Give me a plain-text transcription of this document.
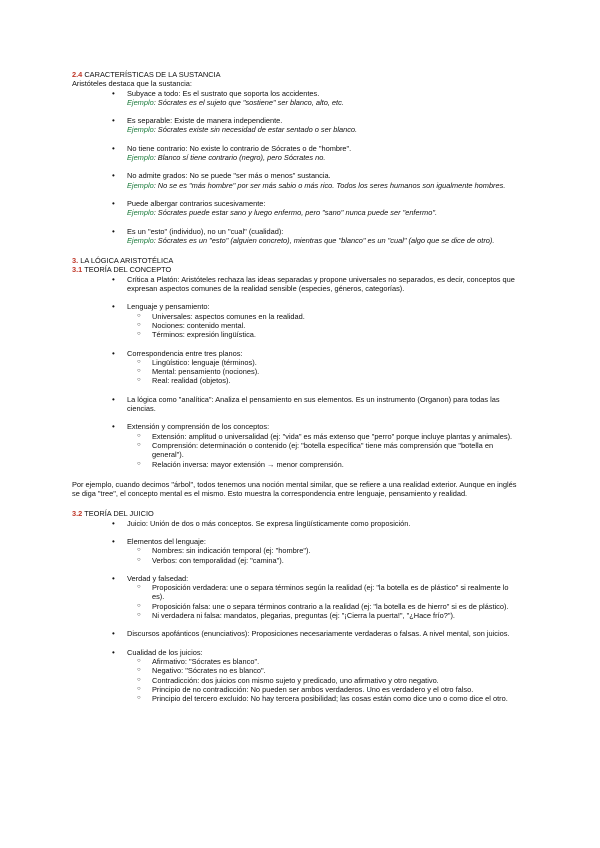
2.4 CARACTERÍSTICAS DE LA SUSTANCIA
Aristóteles destaca que la sustancia:
• Subyace a todo: Es el sustrato que soporta los accidentes.
Ejemplo: Sócrates es el sujeto que "sostiene" ser blanco, alto, etc.
• Es separable: Existe de manera independiente.
Ejemplo: Sócrates existe sin necesidad de estar sentado o ser blanco.
• No tiene contrario: No existe lo contrario de Sócrates o de "hombre".
Ejemplo: Blanco sí tiene contrario (negro), pero Sócrates no.
• No admite grados: No se puede "ser más o menos" sustancia.
Ejemplo: No se es "más hombre" por ser más sabio o más rico. Todos los seres humanos son igualmente hombres.
• Puede albergar contrarios sucesivamente:
Ejemplo: Sócrates puede estar sano y luego enfermo, pero "sano" nunca puede ser "enfermo".
• Es un "esto" (individuo), no un "cual" (cualidad):
Ejemplo: Sócrates es un "esto" (alguien concreto), mientras que "blanco" es un "cual" (algo que se dice de otro).
3. LA LÓGICA ARISTOTÉLICA
3.1 TEORÍA DEL CONCEPTO
• Crítica a Platón: Aristóteles rechaza las ideas separadas y propone universales no separados, es decir, conceptos que expresan aspectos comunes de la realidad sensible (especies, géneros, categorías).
• Lenguaje y pensamiento:
○ Universales: aspectos comunes en la realidad.
○ Nociones: contenido mental.
○ Términos: expresión lingüística.
• Correspondencia entre tres planos:
○ Lingüístico: lenguaje (términos).
○ Mental: pensamiento (nociones).
○ Real: realidad (objetos).
• La lógica como "analítica": Analiza el pensamiento en sus elementos. Es un instrumento (Organon) para todas las ciencias.
• Extensión y comprensión de los conceptos:
○ Extensión: amplitud o universalidad (ej: "vida" es más extenso que "perro" porque incluye plantas y animales).
○ Comprensión: determinación o contenido (ej: "botella específica" tiene más comprensión que "botella en general").
○ Relación inversa: mayor extensión → menor comprensión.

Por ejemplo, cuando decimos "árbol", todos tenemos una noción mental similar, que se refiere a una realidad exterior. Aunque en inglés se diga "tree", el concepto mental es el mismo. Esto muestra la correspondencia entre lenguaje, pensamiento y realidad.

3.2 TEORÍA DEL JUICIO
• Juicio: Unión de dos o más conceptos. Se expresa lingüísticamente como proposición.
• Elementos del lenguaje:
○ Nombres: sin indicación temporal (ej: "hombre").
○ Verbos: con temporalidad (ej: "camina").
• Verdad y falsedad:
○ Proposición verdadera: une o separa términos según la realidad (ej: "la botella es de plástico" si realmente lo es).
○ Proposición falsa: une o separa términos contrario a la realidad (ej: "la botella es de hierro" si es de plástico).
○ Ni verdadera ni falsa: mandatos, plegarias, preguntas (ej: "¡Cierra la puerta!", "¿Hace frío?").
• Discursos apofánticos (enunciativos): Proposiciones necesariamente verdaderas o falsas. A nivel mental, son juicios.
• Cualidad de los juicios:
○ Afirmativo: "Sócrates es blanco".
○ Negativo: "Sócrates no es blanco".
○ Contradicción: dos juicios con mismo sujeto y predicado, uno afirmativo y otro negativo.
○ Principio de no contradicción: No pueden ser ambos verdaderos. Uno es verdadero y el otro falso.
○ Principio del tercero excluido: No hay tercera posibilidad; las cosas están como dice uno o como dice el otro.
